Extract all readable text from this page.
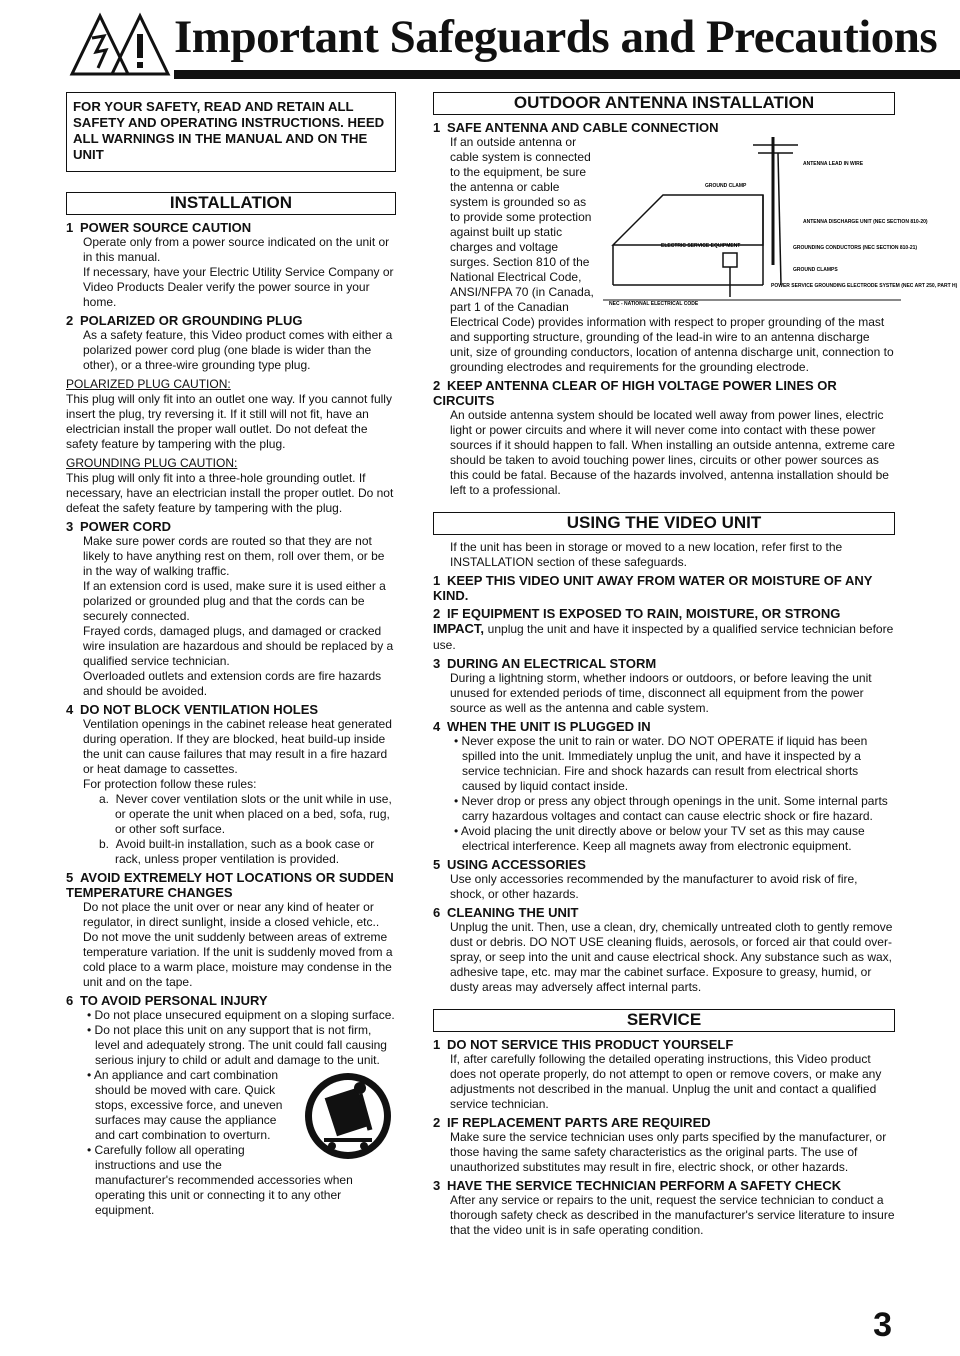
Important Safeguards and Precautions
FOR YOUR SAFETY, READ AND RETAIN ALL SAFETY AND OPERATING INSTRUCTIONS. HEED ALL WARNINGS IN THE MANUAL AND ON THE UNIT
INSTALLATION
1 POWER SOURCE CAUTION

Operate only from a power source indicated on the unit or in this manual.

If necessary, have your Electric Utility Service Company or Video Products Dealer verify the power source in your home.

2 POLARIZED OR GROUNDING PLUG

As a safety feature, this Video product comes with either a polarized power cord plug (one blade is wider than the other), or a three-wire grounding type plug.

POLARIZED PLUG CAUTION:

This plug will only fit into an outlet one way. If you cannot fully insert the plug, try reversing it. If it still will not fit, have an electrician install the proper wall outlet. Do not defeat the safety feature by tampering with the plug.

GROUNDING PLUG CAUTION:

This plug will only fit into a three-hole grounding outlet. If necessary, have an electrician install the proper outlet. Do not defeat the safety feature by tampering with the plug.

3 POWER CORD

Make sure power cords are routed so that they are not likely to have anything rest on them, roll over them, or be in the way of walking traffic.

If an extension cord is used, make sure it is used either a polarized or grounded plug and that the cords can be securely connected.

Frayed cords, damaged plugs, and damaged or cracked wire insulation are hazardous and should be replaced by a qualified service technician.

Overloaded outlets and extension cords are fire hazards and should be avoided.

4 DO NOT BLOCK VENTILATION HOLES

Ventilation openings in the cabinet release heat generated during operation. If they are blocked, heat build-up inside the unit can cause failures that may result in a fire hazard or heat damage to cassettes.

For protection follow these rules:

a.  Never cover ventilation slots or the unit while in use, or operate the unit when placed on a bed, sofa, rug, or other soft surface.

b.  Avoid built-in installation, such as a book case or rack, unless proper ventilation is provided.

5 AVOID EXTREMELY HOT LOCATIONS OR SUDDEN TEMPERATURE CHANGES

Do not place the unit over or near any kind of heater or regulator, in direct sunlight, inside a closed vehicle, etc.. Do not move the unit suddenly between areas of extreme temperature variation. If the unit is suddenly moved from a cold place to a warm place, moisture may condense in the unit and on the tape.

6 TO AVOID PERSONAL INJURY

• Do not place unsecured equipment on a sloping surface.

• Do not place this unit on any support that is not firm, level and adequately strong. The unit could fall causing serious injury to child or adult and damage to the unit.

• An appliance and cart combination should be moved with care. Quick stops, excessive force, and uneven surfaces may cause the appliance and cart combination to overturn.

• Carefully follow all operating instructions and use the manufacturer's recommended accessories when operating this unit or connecting it to any other equipment.

OUTDOOR ANTENNA INSTALLATION
1 SAFE ANTENNA AND CABLE CONNECTION
ANTENNA LEAD IN WIRE
GROUND CLAMP
ANTENNA DISCHARGE UNIT (NEC SECTION 810-20)
ELECTRIC SERVICE EQUIPMENT	GROUNDING CONDUCTORS (NEC SECTION 810-21)
GROUND CLAMPS
POWER SERVICE GROUNDING ELECTRODE SYSTEM (NEC ART 250, PART H)
NEC - NATIONAL ELECTRICAL CODE

If an outside antenna or cable system is connected to the equipment, be sure the antenna or cable system is grounded so as to provide some protection against built up static charges and voltage surges. Section 810 of the National Electrical Code, ANSI/NFPA 70 (in Canada, part 1 of the Canadian Electrical Code) provides information with respect to proper grounding of the mast and supporting structure, grounding of the lead-in wire to an antenna discharge unit, size of grounding conductors, location of antenna discharge unit, connection to grounding electrodes and requirements for the grounding electrode.

2 KEEP ANTENNA CLEAR OF HIGH VOLTAGE POWER LINES OR CIRCUITS

An outside antenna system should be located well away from power lines, electric light or power circuits and where it will never come into contact with these power sources if it should happen to fall. When installing an outside antenna, extreme care should be taken to avoid touching power lines, circuits or other power sources as this could be fatal. Because of the hazards involved, antenna installation should be left to a professional.

USING THE VIDEO UNIT

If the unit has been in storage or moved to a new location, refer first to the INSTALLATION section of these safeguards.

1 KEEP THIS VIDEO UNIT AWAY FROM WATER OR MOISTURE OF ANY KIND.
2 IF EQUIPMENT IS EXPOSED TO RAIN, MOISTURE, OR STRONG IMPACT, unplug the unit and have it inspected by a qualified service technician before use.
3 DURING AN ELECTRICAL STORM

During a lightning storm, whether indoors or outdoors, or before leaving the unit unused for extended periods of time, disconnect all equipment from the power source as well as the antenna and cable system.

4 WHEN THE UNIT IS PLUGGED IN

• Never expose the unit to rain or water. DO NOT OPERATE if liquid has been spilled into the unit. Immediately unplug the unit, and have it inspected by a service technician. Fire and shock hazards can result from electrical shorts caused by liquid contact inside.

• Never drop or press any object through openings in the unit. Some internal parts carry hazardous voltages and contact can cause electric shock or fire hazard.

• Avoid placing the unit directly above or below your TV set as this may cause electrical interference. Keep all magnets away from electronic equipment.

5 USING ACCESSORIES

Use only accessories recommended by the manufacturer to avoid risk of fire, shock, or other hazards.

6 CLEANING THE UNIT

Unplug the unit. Then, use a clean, dry, chemically untreated cloth to gently remove dust or debris. DO NOT USE cleaning fluids, aerosols, or forced air that could over-spray, or seep into the unit and cause electrical shock. Any substance such as wax, adhesive tape, etc. may mar the cabinet surface. Exposure to greasy, humid, or dusty areas may adversely affect internal parts.

SERVICE
1 DO NOT SERVICE THIS PRODUCT YOURSELF

If, after carefully following the detailed operating instructions, this Video product does not operate properly, do not attempt to open or remove covers, or make any adjustments not described in the manual. Unplug the unit and contact a qualified service technician.

2 IF REPLACEMENT PARTS ARE REQUIRED

Make sure the service technician uses only parts specified by the manufacturer, or those having the same safety characteristics as the original parts. The use of unauthorized substitutes may result in fire, electric shock, or other hazards.

3 HAVE THE SERVICE TECHNICIAN PERFORM A SAFETY CHECK

After any service or repairs to the unit, request the service technician to conduct a thorough safety check as described in the manufacturer's service literature to insure that the video unit is in safe operating condition.

3
